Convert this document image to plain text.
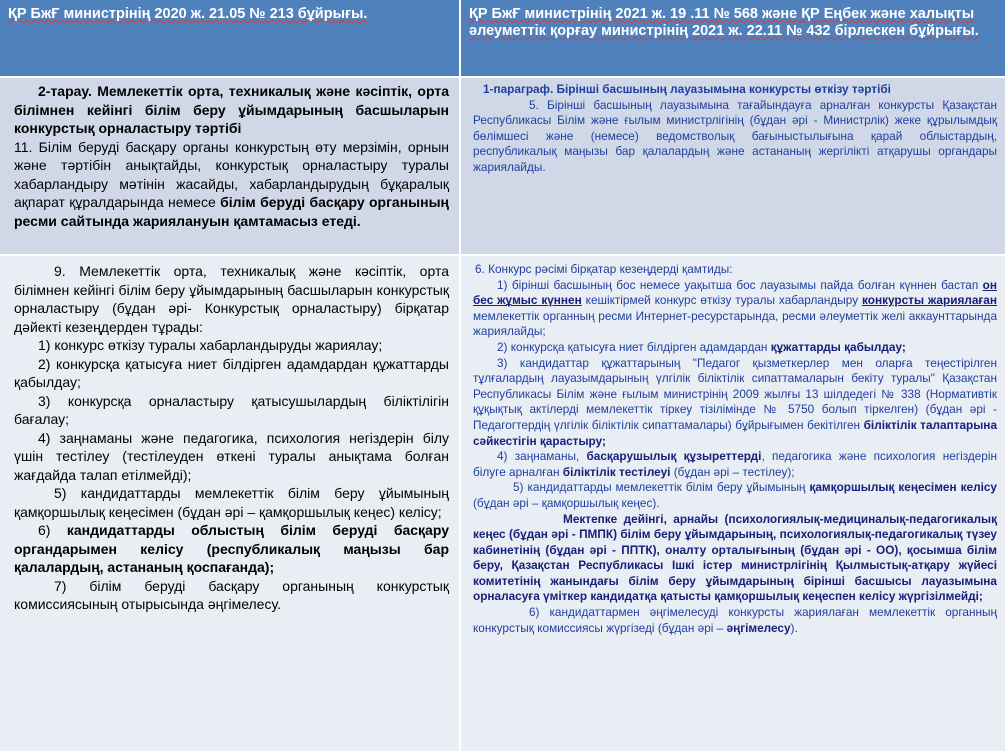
ҚР БжҒ министрінің 2020 ж. 21.05 № 213 бұйрығы.	ҚР БжҒ министрінің 2021 ж. 19 .11 № 568 және ҚР Еңбек және халықты әлеуметтік қорғау министрінің 2021 ж. 22.11 № 432 бірлескен бұйрығы.

2-тарау. Мемлекеттік орта, техникалық және кәсіптік, орта білімнен кейінгі білім беру ұйымдарының басшыларын конкурстық орналастыру тәртібі

11. Білім беруді басқару органы конкурстың өту мерзімін, орнын және тәртібін анықтайды, конкурстық орналастыру туралы хабарландыру мәтінін жасайды, хабарландырудың бұқаралық ақпарат құралдарында немесе білім беруді басқару органының ресми сайтында жариялануын қамтамасыз етеді.

1-параграф. Бірінші басшының лауазымына конкурсты өткізу тәртібі

5. Бірінші басшының лауазымына тағайындауға арналған конкурсты Қазақстан Республикасы Білім және ғылым министрлігінің (бұдан әрі - Министрлік) жеке құрылымдық бөлімшесі және (немесе) ведомстволық бағыныстылығына қарай облыстардың, республикалық маңызы бар қалалардың және астананың жергілікті атқарушы органдары жариялайды.

9. Мемлекеттік орта, техникалық және кәсіптік, орта білімнен кейінгі білім беру ұйымдарының басшыларын конкурстық орналастыру (бұдан әрі- Конкурстық орналастыру) бірқатар дәйекті кезеңдерден тұрады:

1) конкурс өткізу туралы хабарландыруды жариялау;

2) конкурсқа қатысуға ниет білдірген адамдардан құжаттарды қабылдау;

3) конкурсқа орналастыру қатысушылардың біліктілігін бағалау;

4) заңнаманы және педагогика, психология негіздерін білу үшін тестілеу (тестілеуден өткені туралы анықтама болған жағдайда талап етілмейді);

5) кандидаттарды мемлекеттік білім беру ұйымының қамқоршылық кеңесімен (бұдан әрі – қамқоршылық кеңес) келісу;

6) кандидаттарды облыстың білім беруді басқару органдарымен келісу (республикалық маңызы бар қалалардың, астананың қоспағанда);

7) білім беруді басқару органының конкурстық комиссиясының отырысында әңгімелесу.

6. Конкурс рәсімі бірқатар кезеңдерді қамтиды:

1) бірінші басшының бос немесе уақытша бос лауазымы пайда болған күннен бастап он бес жұмыс күннен кешіктірмей конкурс өткізу туралы хабарландыру конкурсты жариялаған мемлекеттік органның ресми Интернет-ресурстарында, ресми әлеуметтік желі аккаунттарында жариялайды;

2) конкурсқа қатысуға ниет білдірген адамдардан құжаттарды қабылдау;

3) кандидаттар құжаттарының "Педагог қызметкерлер мен оларға теңестірілген тұлғалардың лауазымдарының үлгілік біліктілік сипаттамаларын бекіту туралы" Қазақстан Республикасы Білім және ғылым министрінің 2009 жылғы 13 шілдедегі № 338 (Нормативтік құқықтық актілерді мемлекеттік тіркеу тізілімінде № 5750 болып тіркелген) (бұдан әрі - Педагогтердің үлгілік біліктілік сипаттамалары) бұйрығымен бекітілген біліктілік талаптарына сәйкестігін қарастыру;

4) заңнаманы, басқарушылық құзыреттерді, педагогика және психология негіздерін білуге арналған біліктілік тестілеуі (бұдан әрі – тестілеу);

5) кандидаттарды мемлекеттік білім беру ұйымының қамқоршылық кеңесімен келісу (бұдан әрі – қамқоршылық кеңес).

Мектепке дейінгі, арнайы (психологиялық-медициналық-педагогикалық кеңес (бұдан әрі - ПМПК) білім беру ұйымдарының, психологиялық-педагогикалық түзеу кабинетінің (бұдан әрі - ППТК), оналту орталығының (бұдан әрі - ОО), қосымша білім беру, Қазақстан Республикасы Ішкі істер министрлігінің Қылмыстық-атқару жүйесі комитетінің жанындағы білім беру ұйымдарының бірінші басшысы лауазымына орналасуға үміткер кандидатқа қатысты қамқоршылық кеңеспен келісу жүргізілмейді;

6) кандидаттармен әңгімелесуді конкурсты жариялаған мемлекеттік органның конкурстық комиссиясы жүргізеді (бұдан әрі – әңгімелесу).
